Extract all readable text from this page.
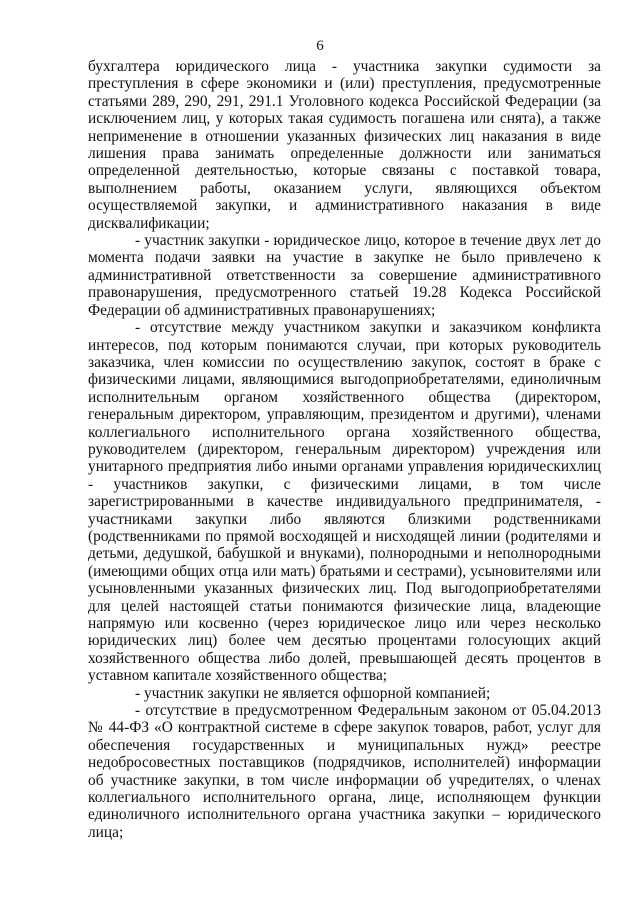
6

бухгалтера юридического лица - участника закупки судимости за преступления в сфере экономики и (или) преступления, предусмотренные статьями 289, 290, 291, 291.1 Уголовного кодекса Российской Федерации (за исключением лиц, у которых такая судимость погашена или снята), а также неприменение в отношении указанных физических лиц наказания в виде лишения права занимать определенные должности или заниматься определенной деятельностью, которые связаны с поставкой товара, выполнением работы, оказанием услуги, являющихся объектом осуществляемой закупки, и административного наказания в виде дисквалификации;

- участник закупки - юридическое лицо, которое в течение двух лет до момента подачи заявки на участие в закупке не было привлечено к административной ответственности за совершение административного правонарушения, предусмотренного статьей 19.28 Кодекса Российской Федерации об административных правонарушениях;

- отсутствие между участником закупки и заказчиком конфликта интересов, под которым понимаются случаи, при которых руководитель заказчика, член комиссии по осуществлению закупок, состоят в браке с физическими лицами, являющимися выгодоприобретателями, единоличным исполнительным органом хозяйственного общества (директором, генеральным директором, управляющим, президентом и другими), членами коллегиального исполнительного органа хозяйственного общества, руководителем (директором, генеральным директором) учреждения или унитарного предприятия либо иными органами управления юридическихлиц - участников закупки, с физическими лицами, в том числе зарегистрированными в качестве индивидуального предпринимателя, - участниками закупки либо являются близкими родственниками (родственниками по прямой восходящей и нисходящей линии (родителями и детьми, дедушкой, бабушкой и внуками), полнородными и неполнородными (имеющими общих отца или мать) братьями и сестрами), усыновителями или усыновленными указанных физических лиц. Под выгодоприобретателями для целей настоящей статьи понимаются физические лица, владеющие напрямую или косвенно (через юридическое лицо или через несколько юридических лиц) более чем десятью процентами голосующих акций хозяйственного общества либо долей, превышающей десять процентов в уставном капитале хозяйственного общества;

- участник закупки не является офшорной компанией;

- отсутствие в предусмотренном Федеральным законом от 05.04.2013 № 44-ФЗ «О контрактной системе в сфере закупок товаров, работ, услуг для обеспечения государственных и муниципальных нужд» реестре недобросовестных поставщиков (подрядчиков, исполнителей) информации об участнике закупки, в том числе информации об учредителях, о членах коллегиального исполнительного органа, лице, исполняющем функции единоличного исполнительного органа участника закупки – юридического лица;
